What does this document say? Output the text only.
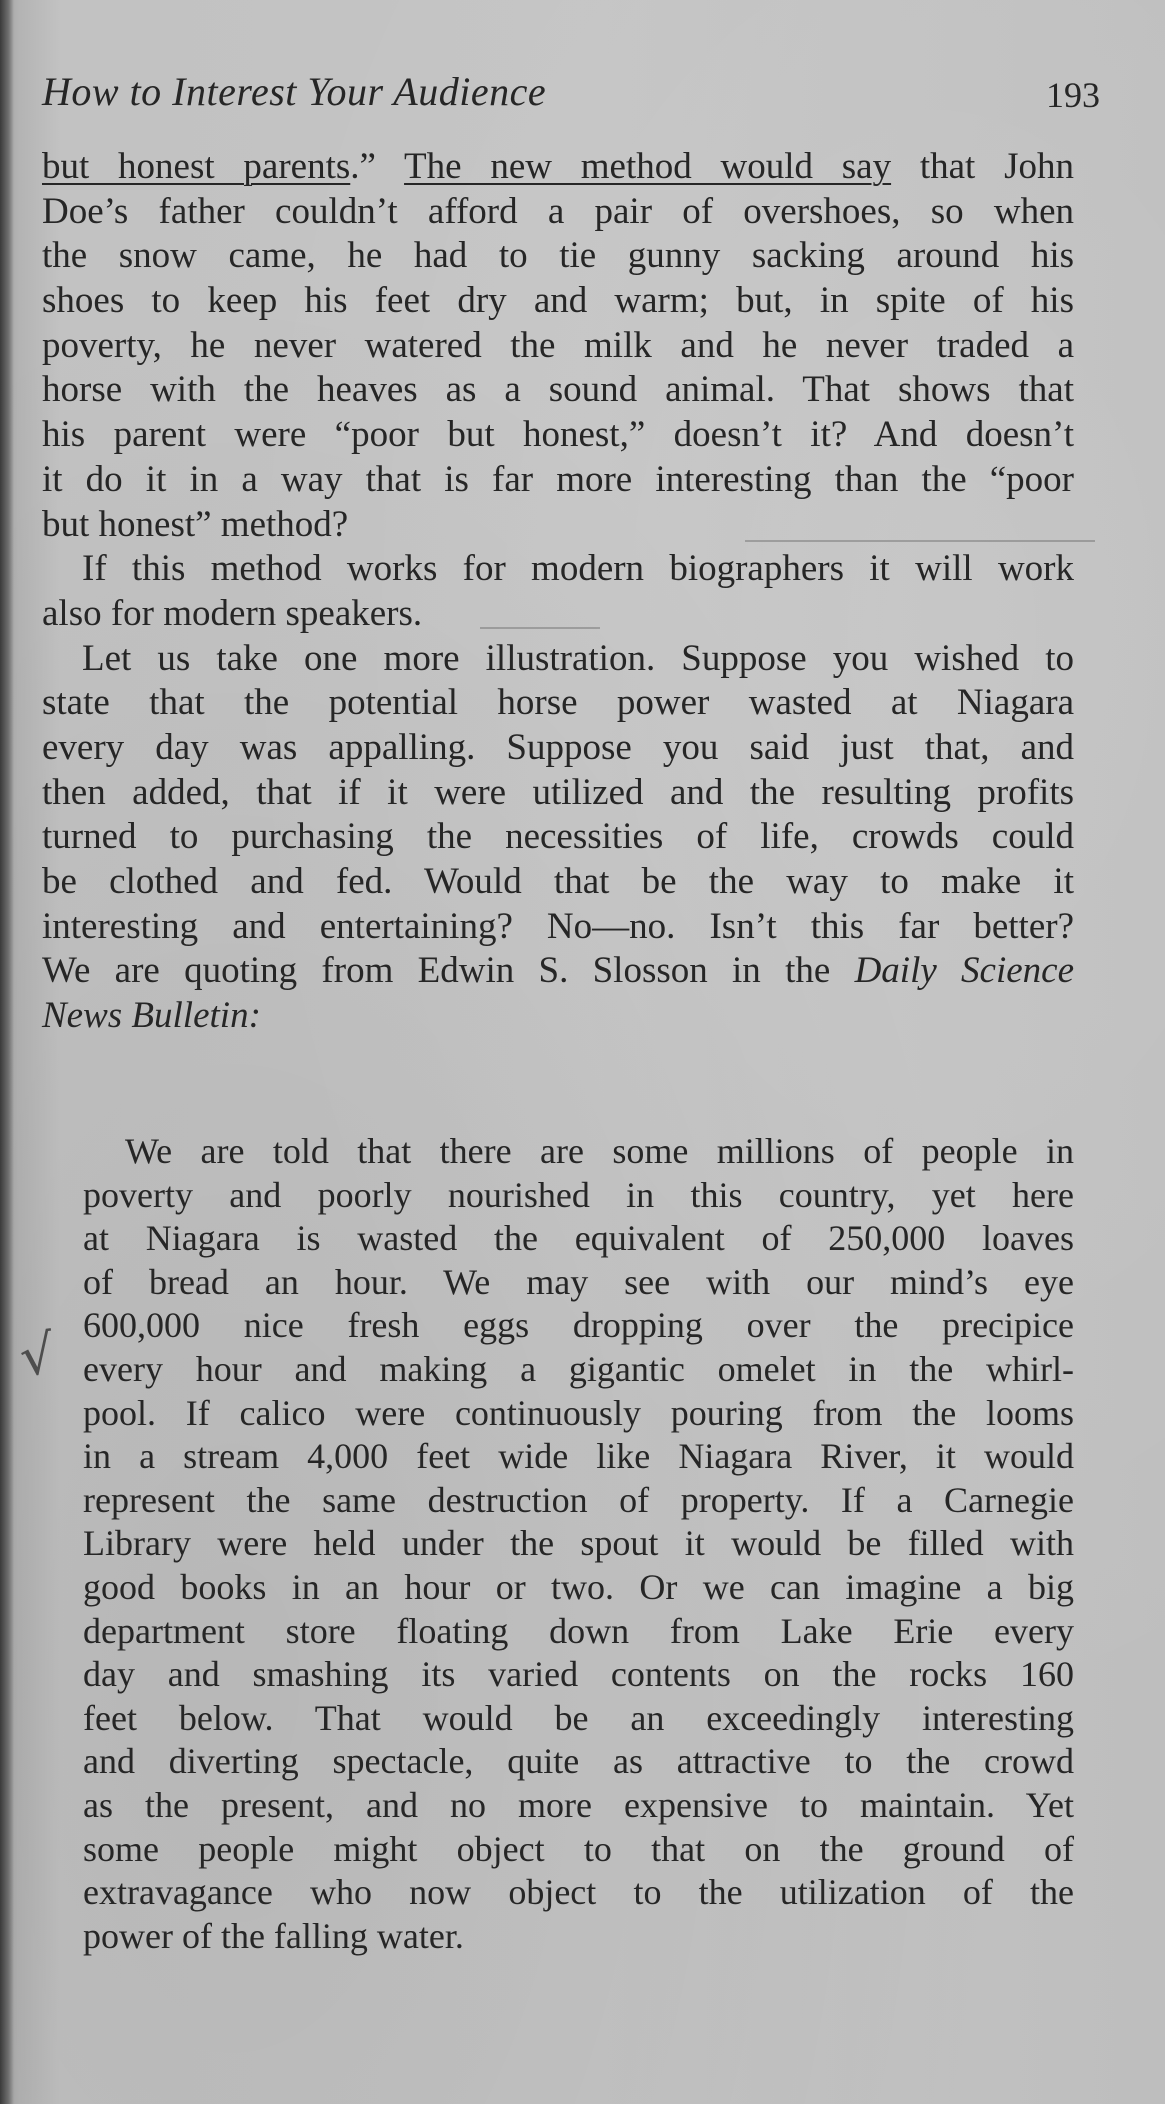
How to Interest Your Audience	193
but honest parents.” The new method would say that John
Doe’s father couldn’t afford a pair of overshoes, so when
the snow came, he had to tie gunny sacking around his
shoes to keep his feet dry and warm; but, in spite of his
poverty, he never watered the milk and he never traded a
horse with the heaves as a sound animal. That shows that
his parent were “poor but honest,” doesn’t it? And doesn’t
it do it in a way that is far more interesting than the “poor
but honest” method?
If this method works for modern biographers it will work
also for modern speakers.
Let us take one more illustration. Suppose you wished to
state that the potential horse power wasted at Niagara
every day was appalling. Suppose you said just that, and
then added, that if it were utilized and the resulting profits
turned to purchasing the necessities of life, crowds could
be clothed and fed. Would that be the way to make it
interesting and entertaining? No—no. Isn’t this far better?
We are quoting from Edwin S. Slosson in the Daily Science
News Bulletin:
We are told that there are some millions of people in
poverty and poorly nourished in this country, yet here
at Niagara is wasted the equivalent of 250,000 loaves
of bread an hour. We may see with our mind’s eye
600,000 nice fresh eggs dropping over the precipice
every hour and making a gigantic omelet in the whirl-
pool. If calico were continuously pouring from the looms
in a stream 4,000 feet wide like Niagara River, it would
represent the same destruction of property. If a Carnegie
Library were held under the spout it would be filled with
good books in an hour or two. Or we can imagine a big
department store floating down from Lake Erie every
day and smashing its varied contents on the rocks 160
feet below. That would be an exceedingly interesting
and diverting spectacle, quite as attractive to the crowd
as the present, and no more expensive to maintain. Yet
some people might object to that on the ground of
extravagance who now object to the utilization of the
power of the falling water.
√
